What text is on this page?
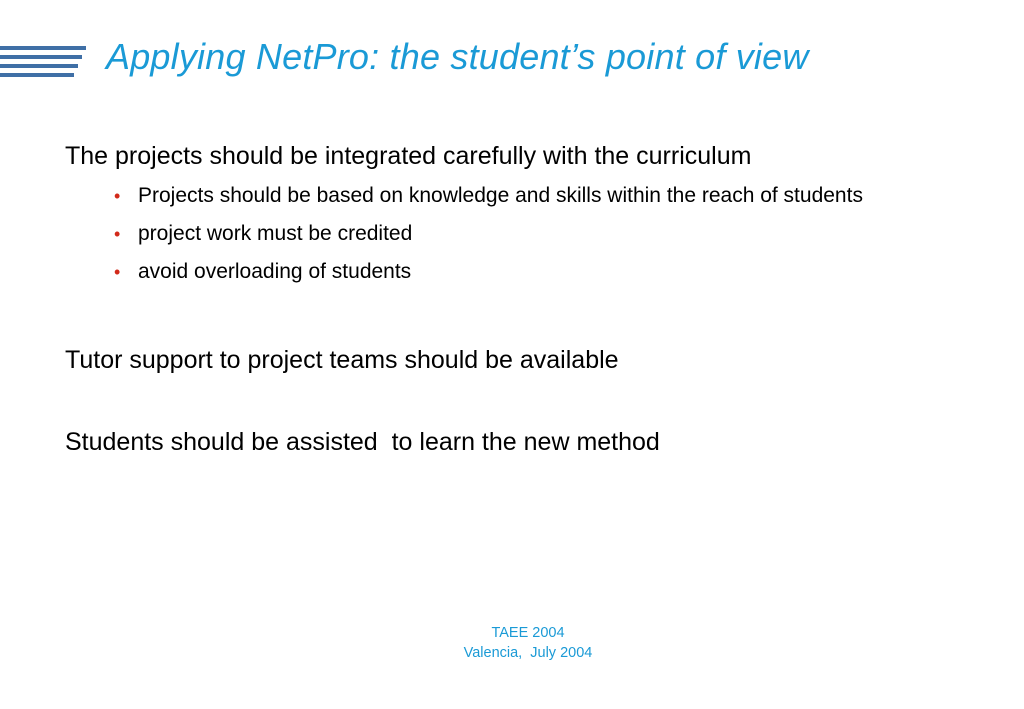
Applying NetPro: the student’s point of view

The projects should be integrated carefully with the curriculum

• Projects should be based on knowledge and skills within the reach of students
• project work must be credited
• avoid overloading of students

Tutor support to project teams should be available

Students should be assisted  to learn the new method

TAEE 2004
Valencia,  July 2004
